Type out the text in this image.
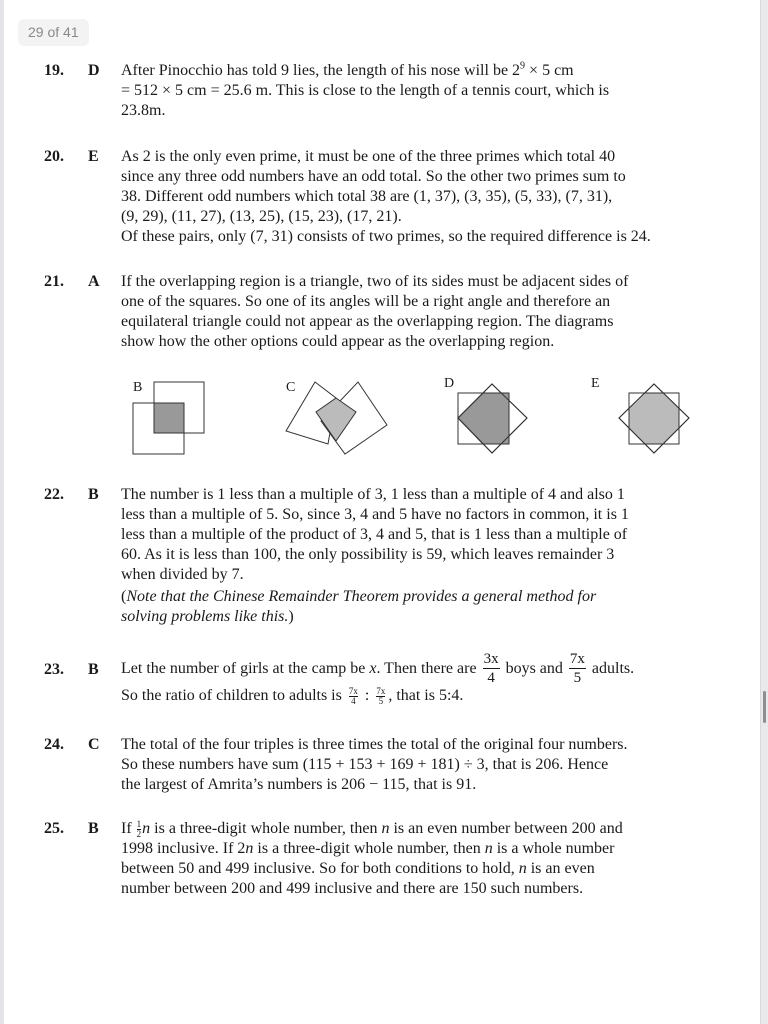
29 of 41
19. D After Pinocchio has told 9 lies, the length of his nose will be $2^9 \times 5$ cm

= 512 × 5 cm = 25.6 m. This is close to the length of a tennis court, which is

23.8m.

20. E As 2 is the only even prime, it must be one of the three primes which total 40

since any three odd numbers have an odd total. So the other two primes sum to

38. Different odd numbers which total 38 are (1, 37), (3, 35), (5, 33), (7, 31),

(9, 29), (11, 27), (13, 25), (15, 23), (17, 21).

Of these pairs, only (7, 31) consists of two primes, so the required difference is 24.

21. A If the overlapping region is a triangle, two of its sides must be adjacent sides of

one of the squares. So one of its angles will be a right angle and therefore an

equilateral triangle could not appear as the overlapping region. The diagrams

show how the other options could appear as the overlapping region.

B	C	D	E
22. B The number is 1 less than a multiple of 3, 1 less than a multiple of 4 and also 1

less than a multiple of 5. So, since 3, 4 and 5 have no factors in common, it is 1

less than a multiple of the product of 3, 4 and 5, that is 1 less than a multiple of

60. As it is less than 100, the only possibility is 59, which leaves remainder 3

when divided by 7.

(Note that the Chinese Remainder Theorem provides a general method for

solving problems like this.)

23. B Let the number of girls at the camp be x. Then there are $\frac{3x}{4}$ boys and $\frac{7x}{5}$ adults.

So the ratio of children to adults is $\frac{7x}{4}$ : $\frac{7x}{5}$ , that is 5:4.

24. C The total of the four triples is three times the total of the original four numbers.

So these numbers have sum (115 + 153 + 169 + 181) ÷ 3, that is 206. Hence

the largest of Amrita’s numbers is 206 − 115, that is 91.

25. B If $\frac{1}{2}$ n is a three-digit whole number, then n is an even number between 200 and

1998 inclusive. If 2n is a three-digit whole number, then n is a whole number

between 50 and 499 inclusive. So for both conditions to hold, n is an even

number between 200 and 499 inclusive and there are 150 such numbers.
